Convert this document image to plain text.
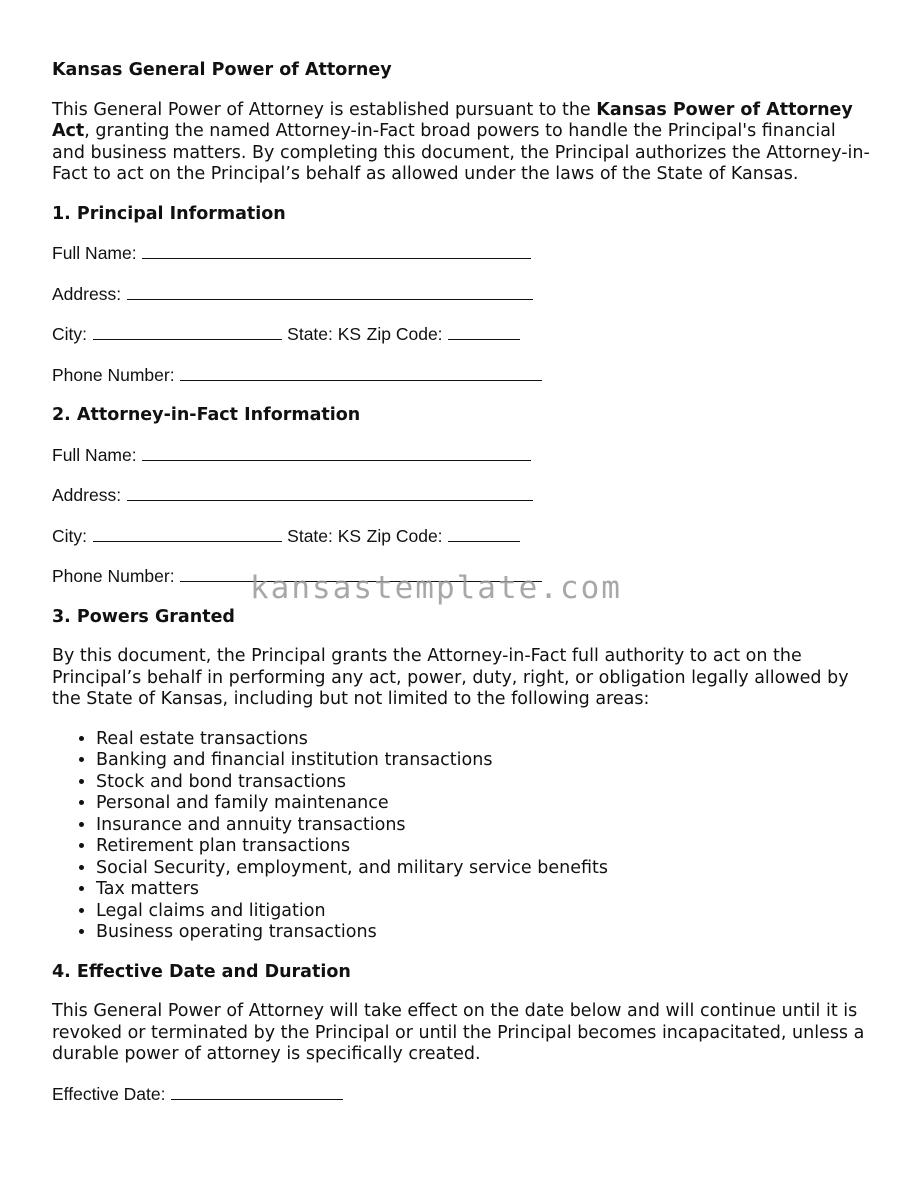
Kansas General Power of Attorney

This General Power of Attorney is established pursuant to the Kansas Power of Attorney Act, granting the named Attorney-in-Fact broad powers to handle the Principal's financial and business matters. By completing this document, the Principal authorizes the Attorney-in-Fact to act on the Principal’s behalf as allowed under the laws of the State of Kansas.

1. Principal Information
Full Name:
Address:
City:	State: KS Zip Code:
Phone Number:
2. Attorney-in-Fact Information
Full Name:
Address:
City:	State: KS Zip Code:
Phone Number:
3. Powers Granted

By this document, the Principal grants the Attorney-in-Fact full authority to act on the Principal’s behalf in performing any act, power, duty, right, or obligation legally allowed by the State of Kansas, including but not limited to the following areas:

• Real estate transactions
• Banking and financial institution transactions
• Stock and bond transactions
• Personal and family maintenance
• Insurance and annuity transactions
• Retirement plan transactions
• Social Security, employment, and military service benefits
• Tax matters
• Legal claims and litigation
• Business operating transactions
4. Effective Date and Duration

This General Power of Attorney will take effect on the date below and will continue until it is revoked or terminated by the Principal or until the Principal becomes incapacitated, unless a durable power of attorney is specifically created.

Effective Date:
kansastemplate.com
